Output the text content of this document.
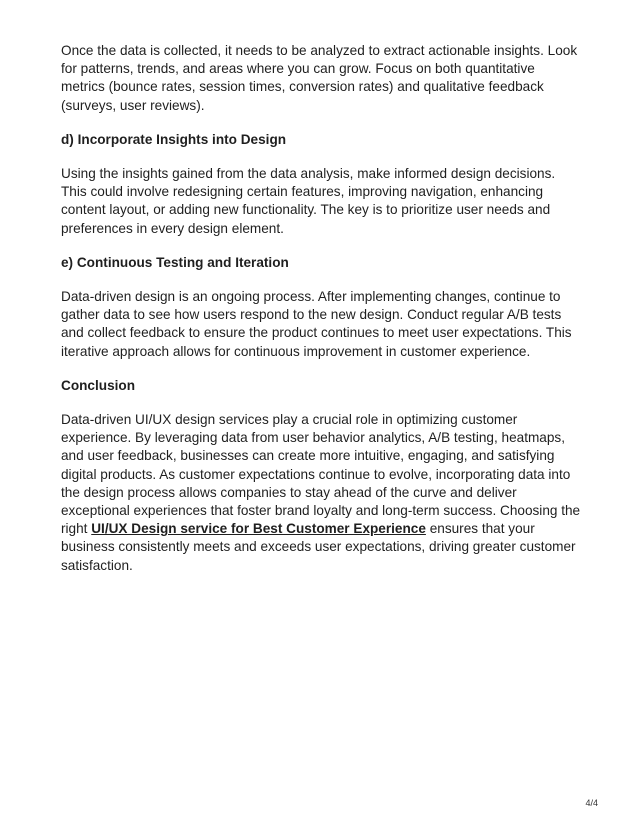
Once the data is collected, it needs to be analyzed to extract actionable insights. Look for patterns, trends, and areas where you can grow. Focus on both quantitative metrics (bounce rates, session times, conversion rates) and qualitative feedback (surveys, user reviews).

d) Incorporate Insights into Design

Using the insights gained from the data analysis, make informed design decisions. This could involve redesigning certain features, improving navigation, enhancing content layout, or adding new functionality. The key is to prioritize user needs and preferences in every design element.

e) Continuous Testing and Iteration

Data-driven design is an ongoing process. After implementing changes, continue to gather data to see how users respond to the new design. Conduct regular A/B tests and collect feedback to ensure the product continues to meet user expectations. This iterative approach allows for continuous improvement in customer experience.

Conclusion

Data-driven UI/UX design services play a crucial role in optimizing customer experience. By leveraging data from user behavior analytics, A/B testing, heatmaps, and user feedback, businesses can create more intuitive, engaging, and satisfying digital products. As customer expectations continue to evolve, incorporating data into the design process allows companies to stay ahead of the curve and deliver exceptional experiences that foster brand loyalty and long-term success. Choosing the right UI/UX Design service for Best Customer Experience ensures that your business consistently meets and exceeds user expectations, driving greater customer satisfaction.

4/4
